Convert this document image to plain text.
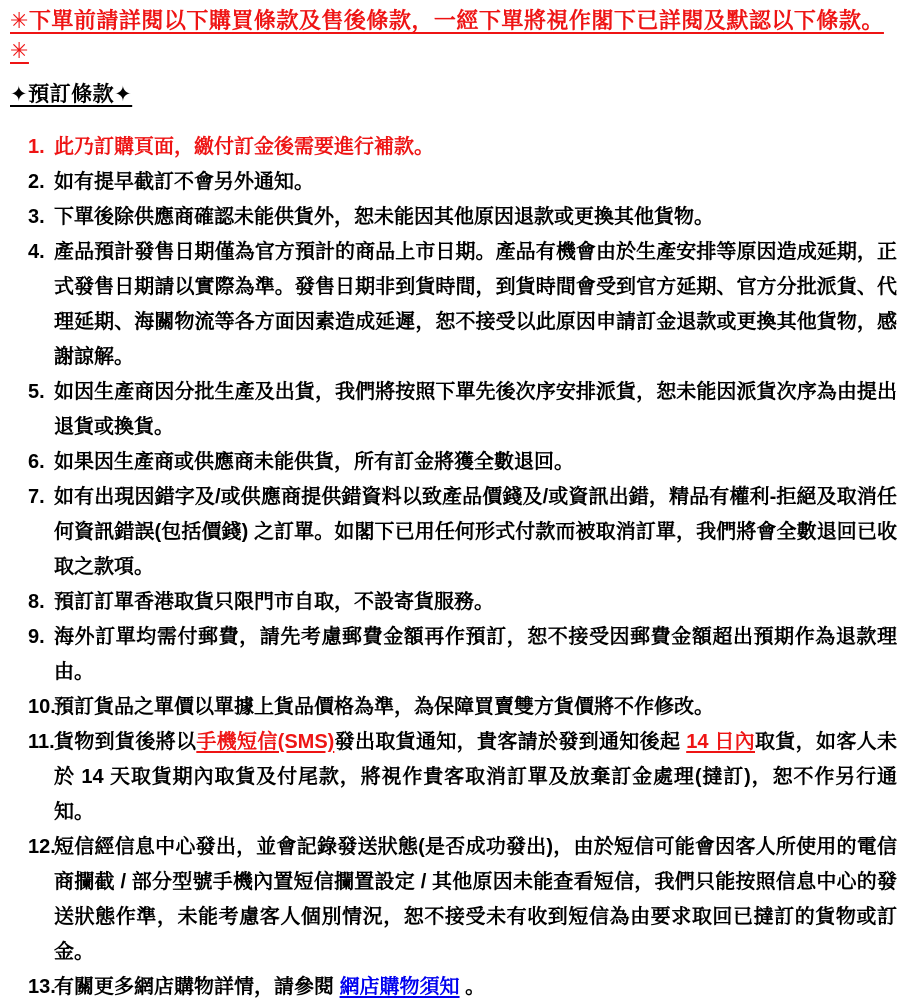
✳下單前請詳閱以下購買條款及售後條款，一經下單將視作閣下已詳閱及默認以下條款。✳
✦預訂條款✦
1. 此乃訂購頁面，繳付訂金後需要進行補款。
2. 如有提早截訂不會另外通知。
3. 下單後除供應商確認未能供貨外，恕未能因其他原因退款或更換其他貨物。
4. 產品預計發售日期僅為官方預計的商品上市日期。產品有機會由於生產安排等原因造成延期，正式發售日期請以實際為準。發售日期非到貨時間，到貨時間會受到官方延期、官方分批派貨、代理延期、海關物流等各方面因素造成延遲，恕不接受以此原因申請訂金退款或更換其他貨物，感謝諒解。
5. 如因生產商因分批生產及出貨，我們將按照下單先後次序安排派貨，恕未能因派貨次序為由提出退貨或換貨。
6. 如果因生產商或供應商未能供貨，所有訂金將獲全數退回。
7. 如有出現因錯字及/或供應商提供錯資料以致產品價錢及/或資訊出錯，精品有權利-拒絕及取消任何資訊錯誤(包括價錢) 之訂單。如閣下已用任何形式付款而被取消訂單，我們將會全數退回已收取之款項。
8. 預訂訂單香港取貨只限門市自取，不設寄貨服務。
9. 海外訂單均需付郵費，請先考慮郵費金額再作預訂，恕不接受因郵費金額超出預期作為退款理由。
10.
預訂貨品之單價以單據上貨品價格為準，為保障買賣雙方貨價將不作修改。
11. 貨物到貨後將以手機短信(SMS)發出取貨通知，貴客請於發到通知後起 14 日內取貨，如客人未於 14 天取貨期內取貨及付尾款，將視作貴客取消訂單及放棄訂金處理(撻訂)，恕不作另行通知。
12.
短信經信息中心發出，並會記錄發送狀態(是否成功發出)，由於短信可能會因客人所使用的電信商攔截 / 部分型號手機內置短信攔置設定 / 其他原因未能查看短信，我們只能按照信息中心的發送狀態作準，未能考慮客人個別情況，恕不接受未有收到短信為由要求取回已撻訂的貨物或訂金。
13.
有關更多網店購物詳情，請參閱 網店購物須知 。
